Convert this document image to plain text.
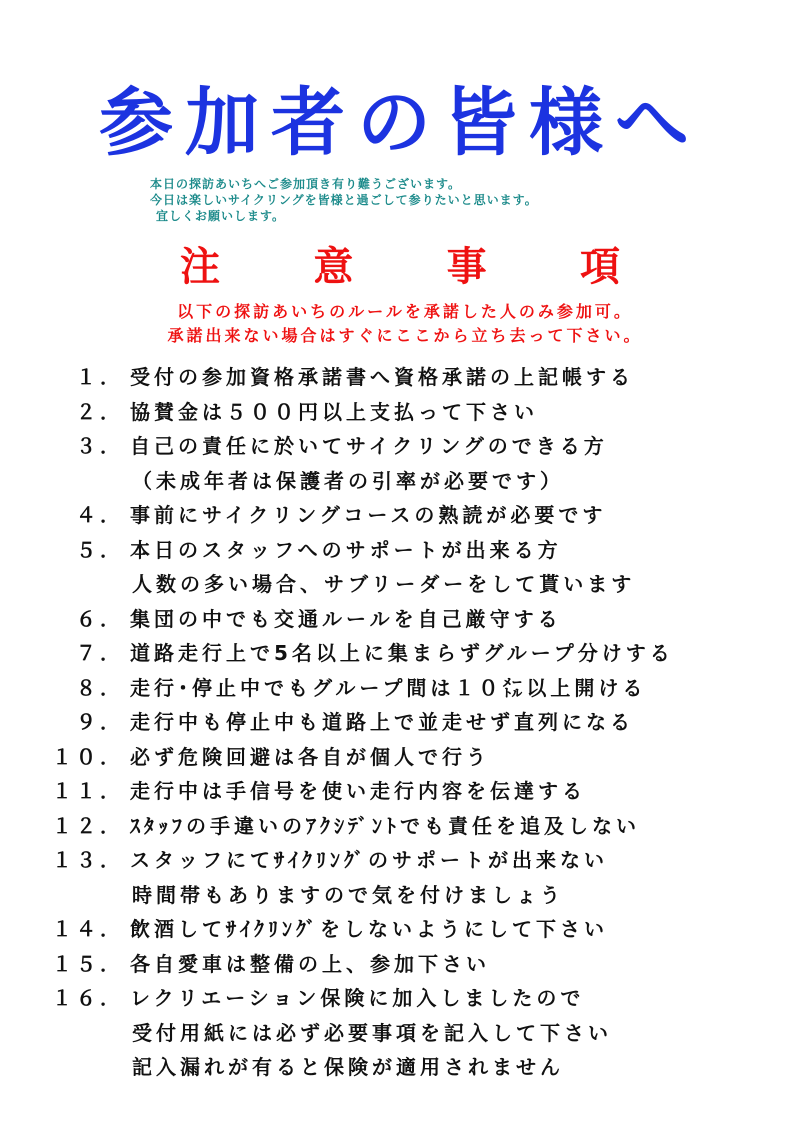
参加者の皆様へ
本日の探訪あいちへご参加頂き有り難うございます。
今日は楽しいサイクリングを皆様と過ごして参りたいと思います。
宜しくお願いします。
注 意 事 項
以下の探訪あいちのルールを承諾した人のみ参加可。
承諾出来ない場合はすぐにここから立ち去って下さい。
１． 受付の参加資格承諾書へ資格承諾の上記帳する
２． 協賛金は５００円以上支払って下さい
３． 自己の責任に於いてサイクリングのできる方
（未成年者は保護者の引率が必要です）
４． 事前にサイクリングコースの熟読が必要です
５． 本日のスタッフへのサポートが出来る方
人数の多い場合、サブリーダーをして貰います
６． 集団の中でも交通ルールを自己厳守する
７． 道路走行上で5名以上に集まらずグループ分けする
８． 走行･停止中でもグループ間は１０㍍以上開ける
９． 走行中も停止中も道路上で並走せず直列になる
１０． 必ず危険回避は各自が個人で行う
１１． 走行中は手信号を使い走行内容を伝達する
１２． ｽﾀｯﾌの手違いのｱｸｼﾃﾞﾝﾄでも責任を追及しない
１３． スタッフにてｻｲｸﾘﾝｸﾞのサポートが出来ない
時間帯もありますので気を付けましょう
１４． 飲酒してｻｲｸﾘﾝｸﾞをしないようにして下さい
１５． 各自愛車は整備の上、参加下さい
１６． レクリエーション保険に加入しましたので
受付用紙には必ず必要事項を記入して下さい
記入漏れが有ると保険が適用されません
